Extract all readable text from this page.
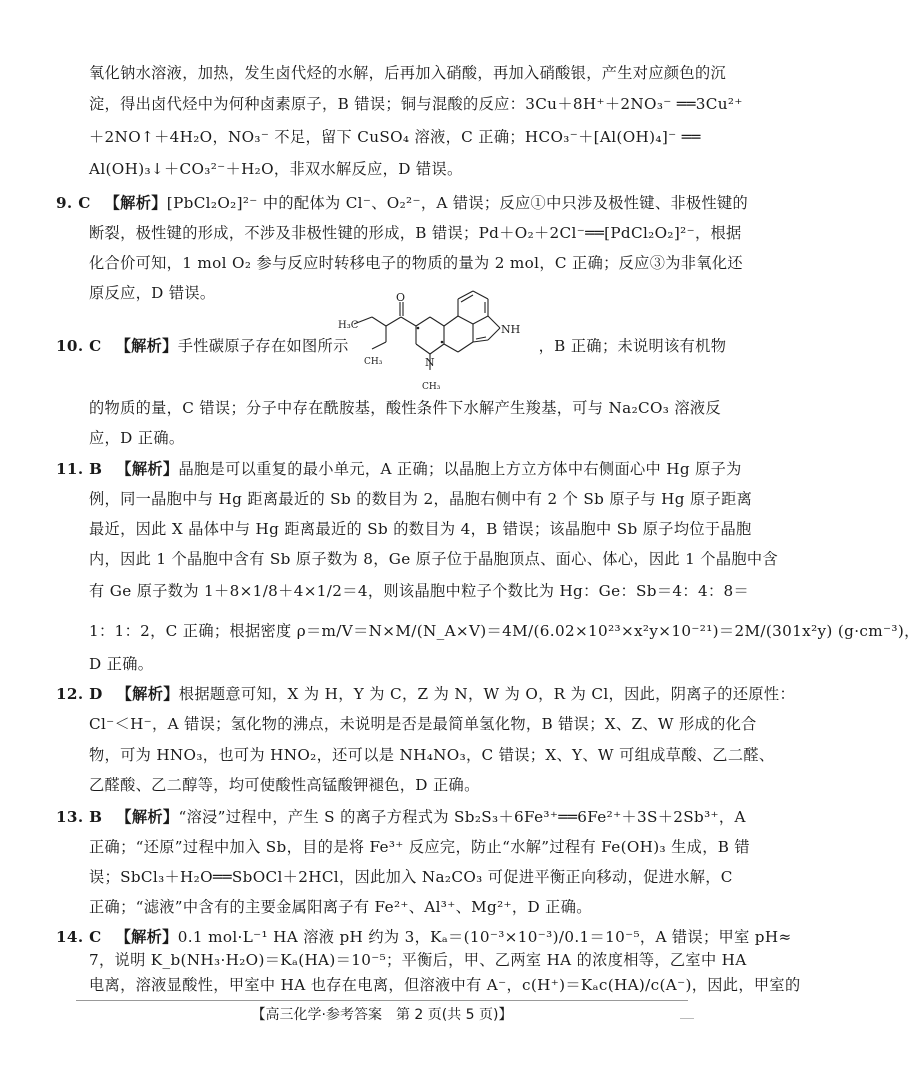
氧化钠水溶液，加热，发生卤代烃的水解，后再加入硝酸，再加入硝酸银，产生对应颜色的沉
淀，得出卤代烃中为何种卤素原子，B 错误；铜与混酸的反应：3Cu＋8H⁺＋2NO₃⁻ ══3Cu²⁺
＋2NO↑＋4H₂O，NO₃⁻ 不足，留下 CuSO₄ 溶液，C 正确；HCO₃⁻＋[Al(OH)₄]⁻ ══
Al(OH)₃↓＋CO₃²⁻＋H₂O，非双水解反应，D 错误。
9. C 【解析】[PbCl₂O₂]²⁻ 中的配体为 Cl⁻、O₂²⁻，A 错误；反应①中只涉及极性键、非极性键的
断裂，极性键的形成，不涉及非极性键的形成，B 错误；Pd＋O₂＋2Cl⁻══[PdCl₂O₂]²⁻，根据
化合价可知，1 mol O₂ 参与反应时转移电子的物质的量为 2 mol，C 正确；反应③为非氧化还
原反应，D 错误。
10. C 【解析】手性碳原子存在如图所示	，B 正确；未说明该有机物
O
H₃C
CH₃
NH
N
CH₃
的物质的量，C 错误；分子中存在酰胺基，酸性条件下水解产生羧基，可与 Na₂CO₃ 溶液反
应，D 正确。
11. B 【解析】晶胞是可以重复的最小单元，A 正确；以晶胞上方立方体中右侧面心中 Hg 原子为
例，同一晶胞中与 Hg 距离最近的 Sb 的数目为 2，晶胞右侧中有 2 个 Sb 原子与 Hg 原子距离
最近，因此 X 晶体中与 Hg 距离最近的 Sb 的数目为 4，B 错误；该晶胞中 Sb 原子均位于晶胞
内，因此 1 个晶胞中含有 Sb 原子数为 8，Ge 原子位于晶胞顶点、面心、体心，因此 1 个晶胞中含
有 Ge 原子数为 1＋8×1/8＋4×1/2＝4，则该晶胞中粒子个数比为 Hg：Ge：Sb＝4：4：8＝
1：1：2，C 正确；根据密度 ρ＝m/V＝N×M/(N_A×V)＝4M/(6.02×10²³×x²y×10⁻²¹)＝2M/(301x²y) (g·cm⁻³)，
D 正确。
12. D 【解析】根据题意可知，X 为 H，Y 为 C，Z 为 N，W 为 O，R 为 Cl，因此，阴离子的还原性：
Cl⁻＜H⁻，A 错误；氢化物的沸点，未说明是否是最简单氢化物，B 错误；X、Z、W 形成的化合
物，可为 HNO₃，也可为 HNO₂，还可以是 NH₄NO₃，C 错误；X、Y、W 可组成草酸、乙二醛、
乙醛酸、乙二醇等，均可使酸性高锰酸钾褪色，D 正确。
13. B 【解析】“溶浸”过程中，产生 S 的离子方程式为 Sb₂S₃＋6Fe³⁺══6Fe²⁺＋3S＋2Sb³⁺，A
正确；“还原”过程中加入 Sb，目的是将 Fe³⁺ 反应完，防止“水解”过程有 Fe(OH)₃ 生成，B 错
误；SbCl₃＋H₂O══SbOCl＋2HCl，因此加入 Na₂CO₃ 可促进平衡正向移动，促进水解，C
正确；“滤液”中含有的主要金属阳离子有 Fe²⁺、Al³⁺、Mg²⁺，D 正确。
14. C 【解析】0.1 mol·L⁻¹ HA 溶液 pH 约为 3，Kₐ＝(10⁻³×10⁻³)/0.1＝10⁻⁵，A 错误；甲室 pH≈
7，说明 K_b(NH₃·H₂O)＝Kₐ(HA)＝10⁻⁵；平衡后，甲、乙两室 HA 的浓度相等，乙室中 HA
电离，溶液显酸性，甲室中 HA 也存在电离，但溶液中有 A⁻，c(H⁺)＝Kₐc(HA)/c(A⁻)，因此，甲室的
【高三化学·参考答案　第 2 页(共 5 页)】
